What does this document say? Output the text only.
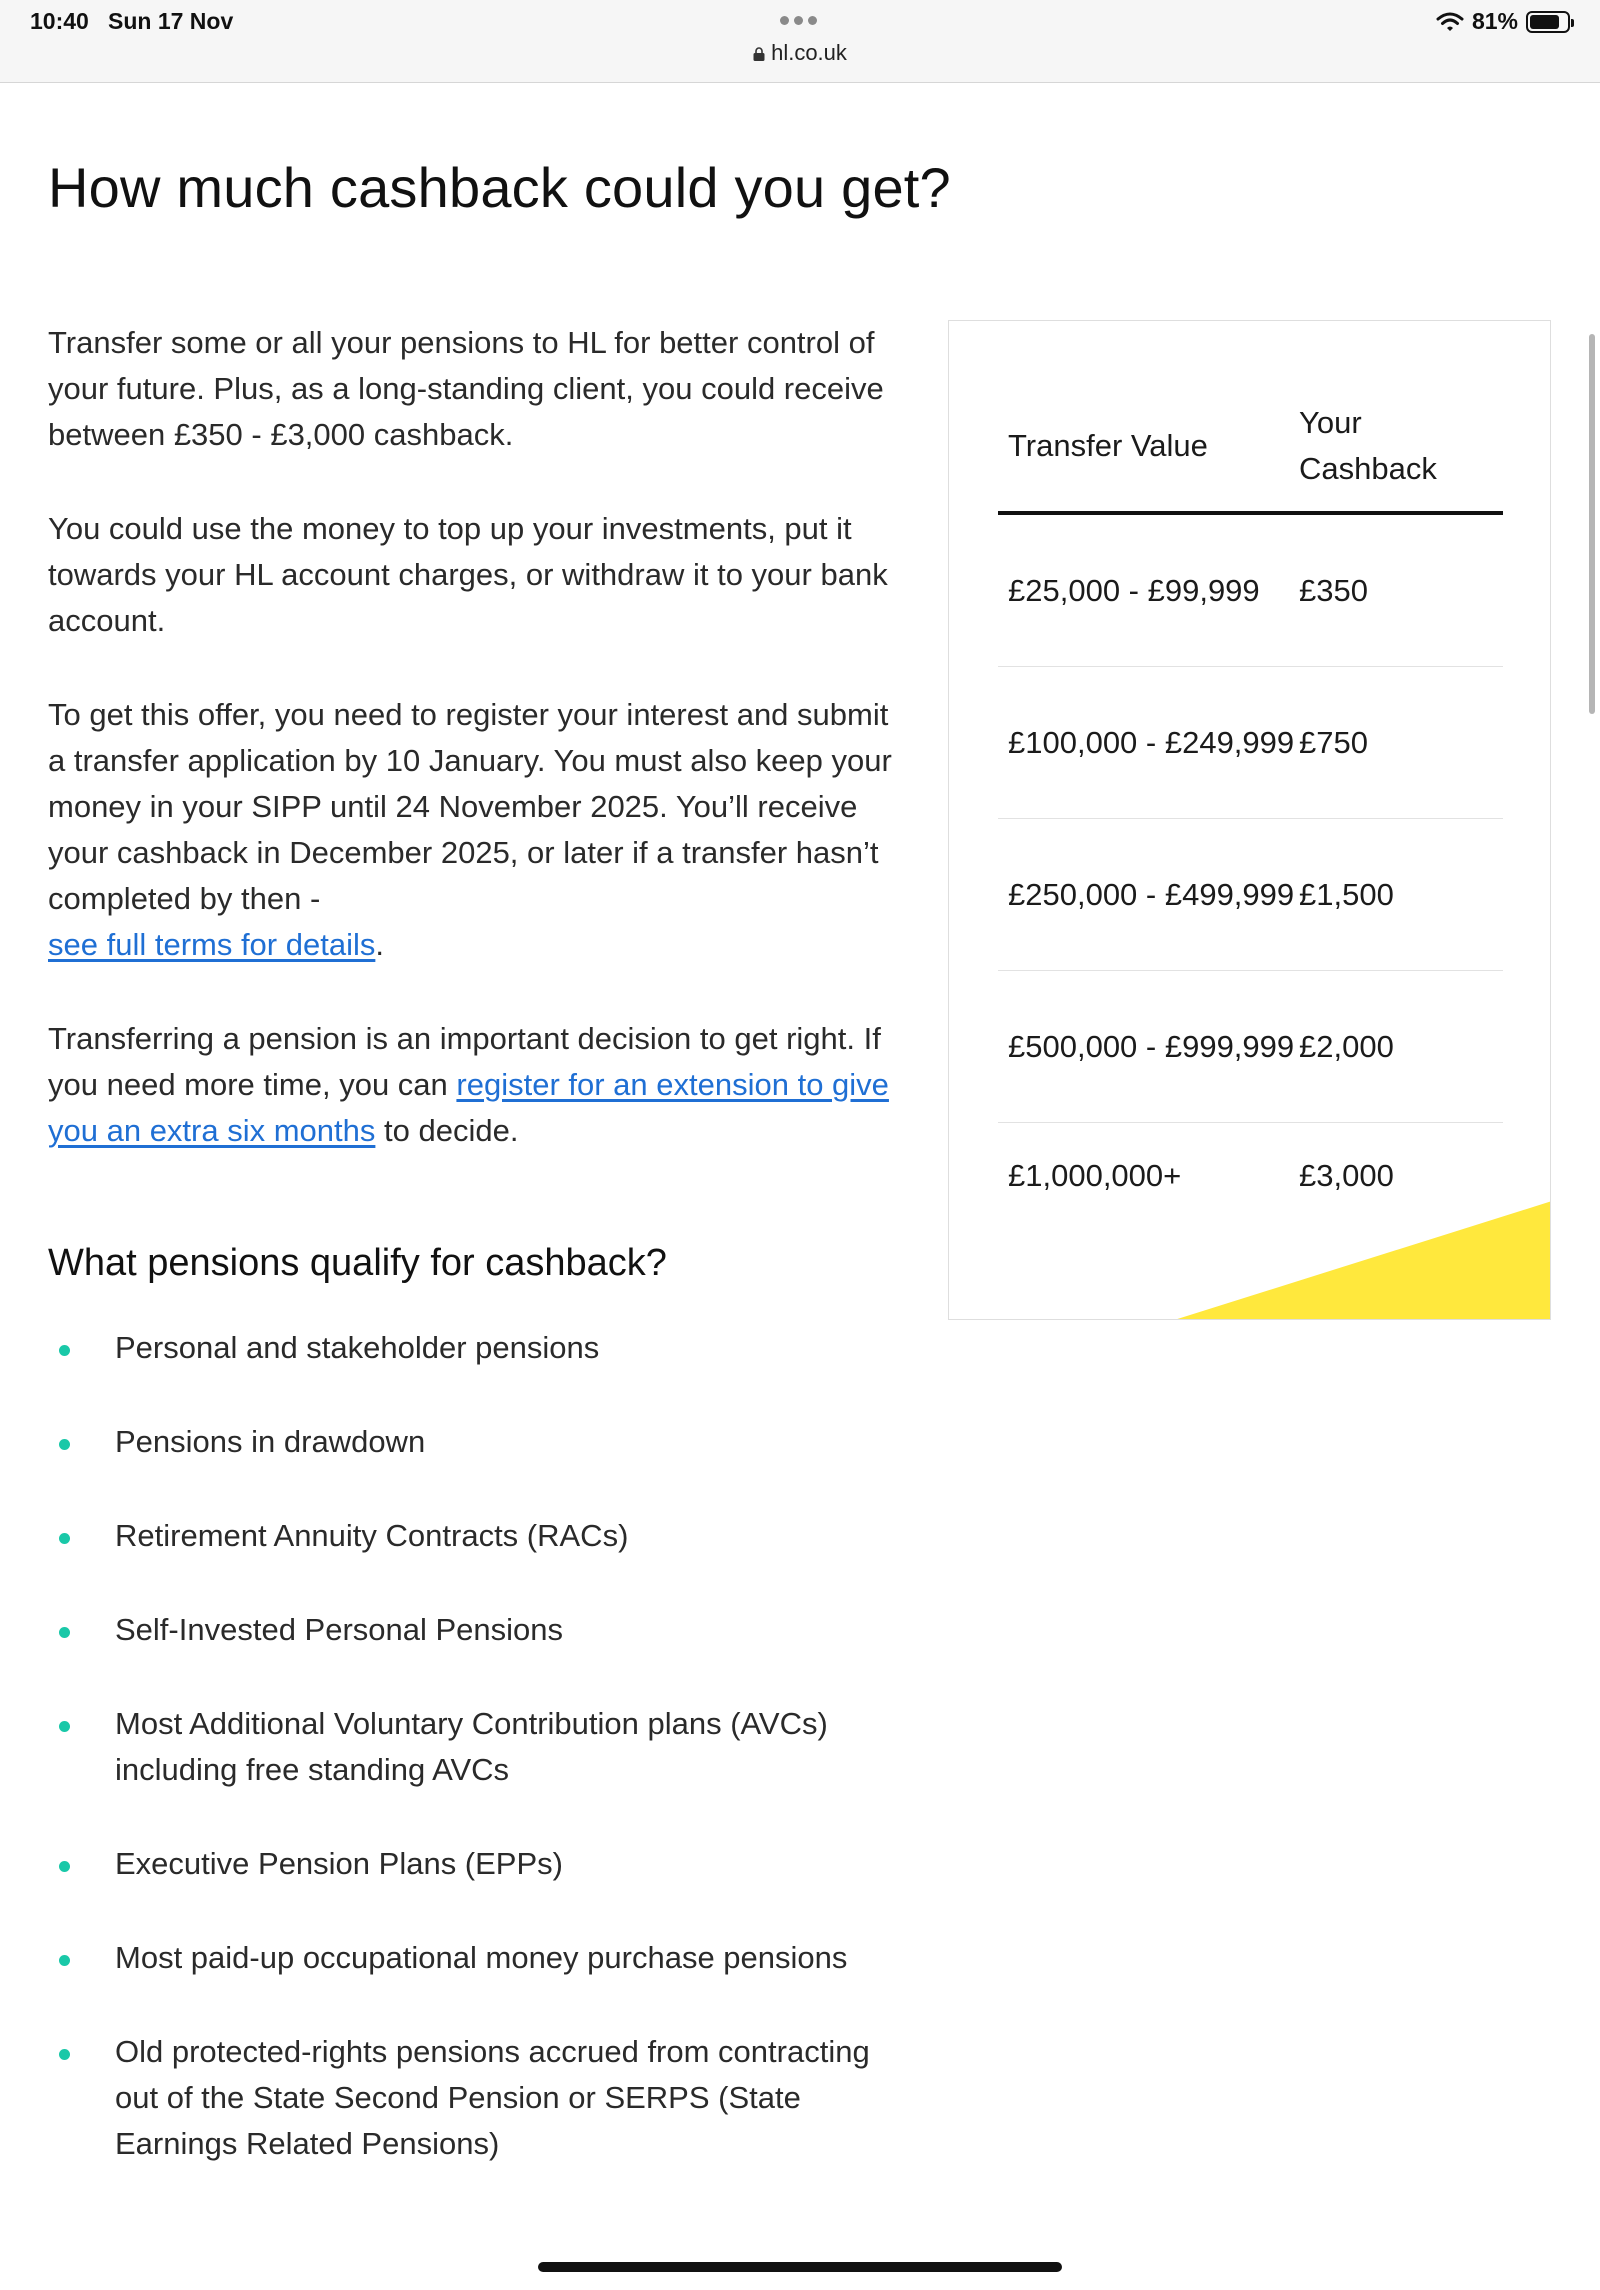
10:40 Sun 17 Nov
hl.co.uk
81%
How much cashback could you get?

Transfer some or all your pensions to HL for better control of your future. Plus, as a long-standing client, you could receive between £350 - £3,000 cashback.

You could use the money to top up your investments, put it towards your HL account charges, or withdraw it to your bank account.

To get this offer, you need to register your interest and submit a transfer application by 10 January. You must also keep your money in your SIPP until 24 November 2025. You’ll receive your cashback in December 2025, or later if a transfer hasn’t completed by then -
see full terms for details.

Transferring a pension is an important decision to get right. If you need more time, you can register for an extension to give you an extra six months to decide.

What pensions qualify for cashback?
Personal and stakeholder pensions
Pensions in drawdown
Retirement Annuity Contracts (RACs)
Self-Invested Personal Pensions
Most Additional Voluntary Contribution plans (AVCs) including free standing AVCs
Executive Pension Plans (EPPs)
Most paid-up occupational money purchase pensions
Old protected-rights pensions accrued from contracting out of the State Second Pension or SERPS (State Earnings Related Pensions)
Transfer Value
Your Cashback
£25,000 - £99,999	£350
£100,000 - £249,999 £750
£250,000 - £499,999 £1,500
£500,000 - £999,999 £2,000
£1,000,000+	£3,000
